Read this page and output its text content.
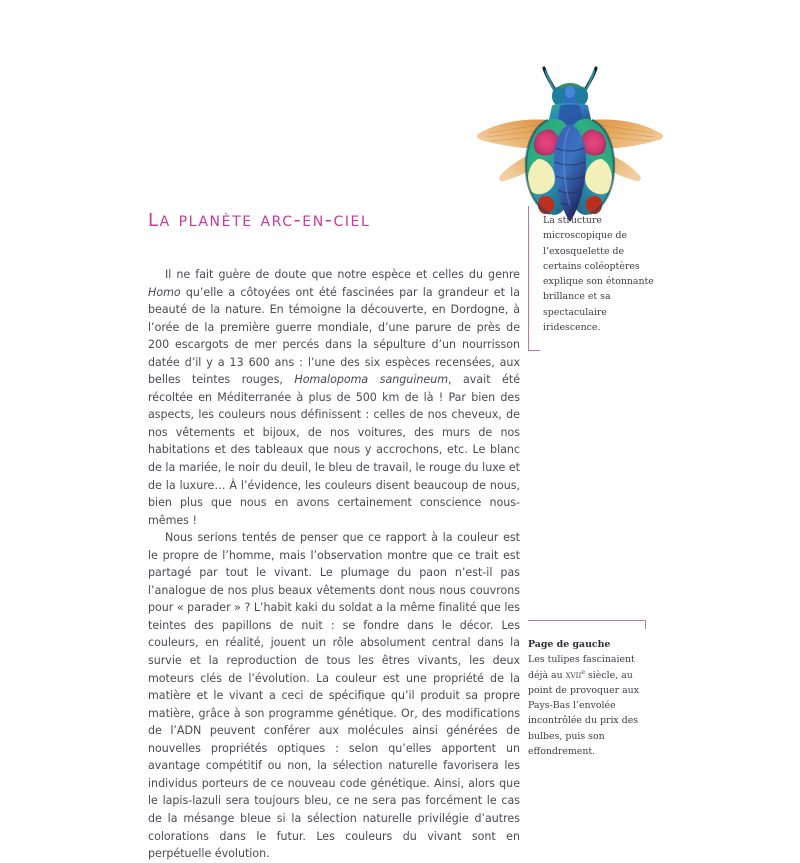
la planète arc-en-ciel

Il ne fait guère de doute que notre espèce et celles du genre Homo qu’elle a côtoyées ont été fascinées par la grandeur et la beauté de la nature. En témoigne la découverte, en Dordogne, à l’orée de la première guerre mondiale, d’une parure de près de 200 escargots de mer percés dans la sépulture d’un nourrisson datée d’il y a 13 600 ans : l’une des six espèces recensées, aux belles teintes rouges, Homalopoma sanguineum, avait été récoltée en Méditerranée à plus de 500 km de là ! Par bien des aspects, les couleurs nous définissent : celles de nos cheveux, de nos vêtements et bijoux, de nos voitures, des murs de nos habitations et des tableaux que nous y accrochons, etc. Le blanc de la mariée, le noir du deuil, le bleu de travail, le rouge du luxe et de la luxure… À l’évidence, les couleurs disent beaucoup de nous, bien plus que nous en avons certainement conscience nous-mêmes !

Nous serions tentés de penser que ce rapport à la couleur est le propre de l’homme, mais l’observation montre que ce trait est partagé par tout le vivant. Le plumage du paon n’est-il pas l’analogue de nos plus beaux vêtements dont nous nous couvrons pour « parader » ? L’habit kaki du soldat a la même finalité que les teintes des papillons de nuit : se fondre dans le décor. Les couleurs, en réalité, jouent un rôle absolument central dans la survie et la reproduction de tous les êtres vivants, les deux moteurs clés de l’évolution. La couleur est une propriété de la matière et le vivant a ceci de spécifique qu’il produit sa propre matière, grâce à son programme génétique. Or, des modifications de l’ADN peuvent conférer aux molécules ainsi générées de nouvelles propriétés optiques : selon qu’elles apportent un avantage compétitif ou non, la sélection naturelle favorisera les individus porteurs de ce nouveau code génétique. Ainsi, alors que le lapis-lazuli sera toujours bleu, ce ne sera pas forcément le cas de la mésange bleue si la sélection naturelle privilégie d’autres colorations dans le futur. Les couleurs du vivant sont en perpétuelle évolution.

La structure microscopique de l’exosquelette de certains coléoptères explique son étonnante brillance et sa spectaculaire iridescence.
Page de gauche
Les tulipes fascinaient déjà au xvii$^e$ siècle, au point de provoquer aux Pays-Bas l’envolée incontrôlée du prix des bulbes, puis son effondrement.
